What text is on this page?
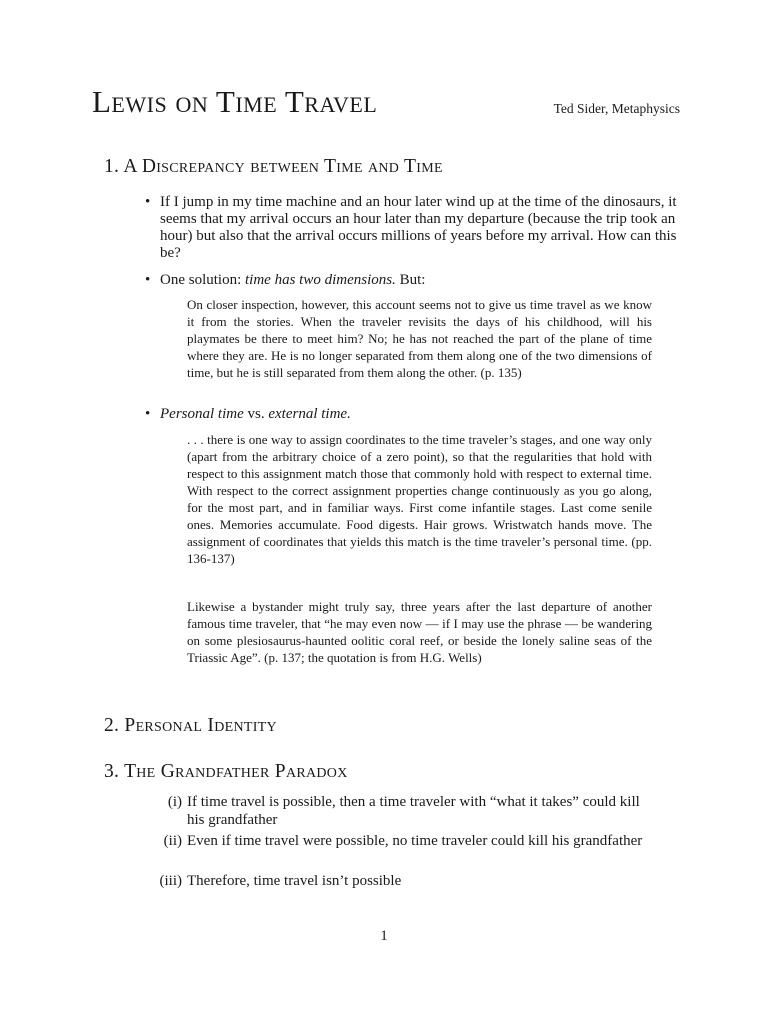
Lewis on Time Travel	Ted Sider, Metaphysics
1. A Discrepancy between Time and Time

• If I jump in my time machine and an hour later wind up at the time of the dinosaurs, it seems that my arrival occurs an hour later than my departure (because the trip took an hour) but also that the arrival occurs millions of years before my arrival. How can this be?

• One solution: time has two dimensions. But:

On closer inspection, however, this account seems not to give us time travel as we know it from the stories. When the traveler revisits the days of his childhood, will his playmates be there to meet him? No; he has not reached the part of the plane of time where they are. He is no longer separated from them along one of the two dimensions of time, but he is still separated from them along the other. (p. 135)

• Personal time vs. external time.

. . . there is one way to assign coordinates to the time traveler’s stages, and one way only (apart from the arbitrary choice of a zero point), so that the regularities that hold with respect to this assignment match those that commonly hold with respect to external time. With respect to the correct assignment properties change continuously as you go along, for the most part, and in familiar ways. First come infantile stages. Last come senile ones. Memories accumulate. Food digests. Hair grows. Wristwatch hands move. The assignment of coordinates that yields this match is the time traveler’s personal time. (pp. 136-137)

Likewise a bystander might truly say, three years after the last departure of another famous time traveler, that “he may even now — if I may use the phrase — be wandering on some plesiosaurus-haunted oolitic coral reef, or beside the lonely saline seas of the Triassic Age”. (p. 137; the quotation is from H.G. Wells)

2. Personal Identity
3. The Grandfather Paradox

(i) If time travel is possible, then a time traveler with “what it takes” could kill his grandfather

(ii) Even if time travel were possible, no time traveler could kill his grandfather

(iii) Therefore, time travel isn’t possible

1
